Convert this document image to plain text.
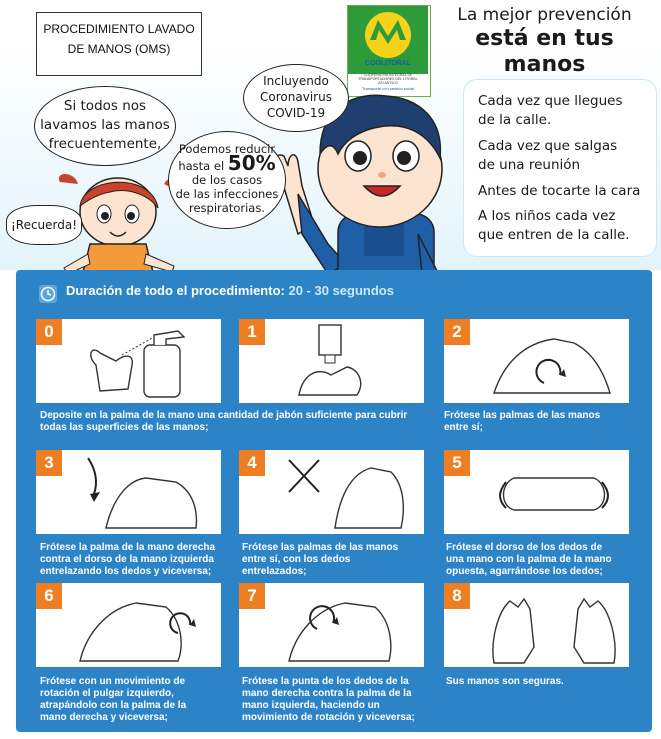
PROCEDIMIENTO LAVADO
DE MANOS (OMS)
COOLITORAL
COOPERATIVA INTEGRAL DE TRANSPORTADORES DEL LITORAL ATLANTICO
Transporte con sentido social
La mejor prevención
está en tus manos
Si todos nos
lavamos las manos
frecuentemente,
Incluyendo
Coronavirus
COVID-19
Podemos reducir
hasta el 50%
de los casos
de las infecciones
respiratorias.
¡Recuerda!
Cada vez que llegues
de la calle.
Cada vez que salgas
de una reunión
Antes de tocarte la cara
A los niños cada vez
que entren de la calle.
Duración de todo el procedimiento: 20 - 30 segundos
0
Deposite en la palma de la mano una cantidad de jabón suficiente para cubrir
todas las superficies de las manos;
1	2
Frótese las palmas de las manos
entre sí;
3
Frótese la palma de la mano derecha
contra el dorso de la mano izquierda
entrelazando los dedos y viceversa;
4
Frótese las palmas de las manos
entre sí, con los dedos
entrelazados;
5
Frótese el dorso de los dedos de
una mano con la palma de la mano
opuesta, agarrándose los dedos;
6
Frótese con un movimiento de
rotación el pulgar izquierdo,
atrapándolo con la palma de la
mano derecha y viceversa;
7
Frótese la punta de los dedos de la
mano derecha contra la palma de la
mano izquierda, haciendo un
movimiento de rotación y viceversa;
8
Sus manos son seguras.
